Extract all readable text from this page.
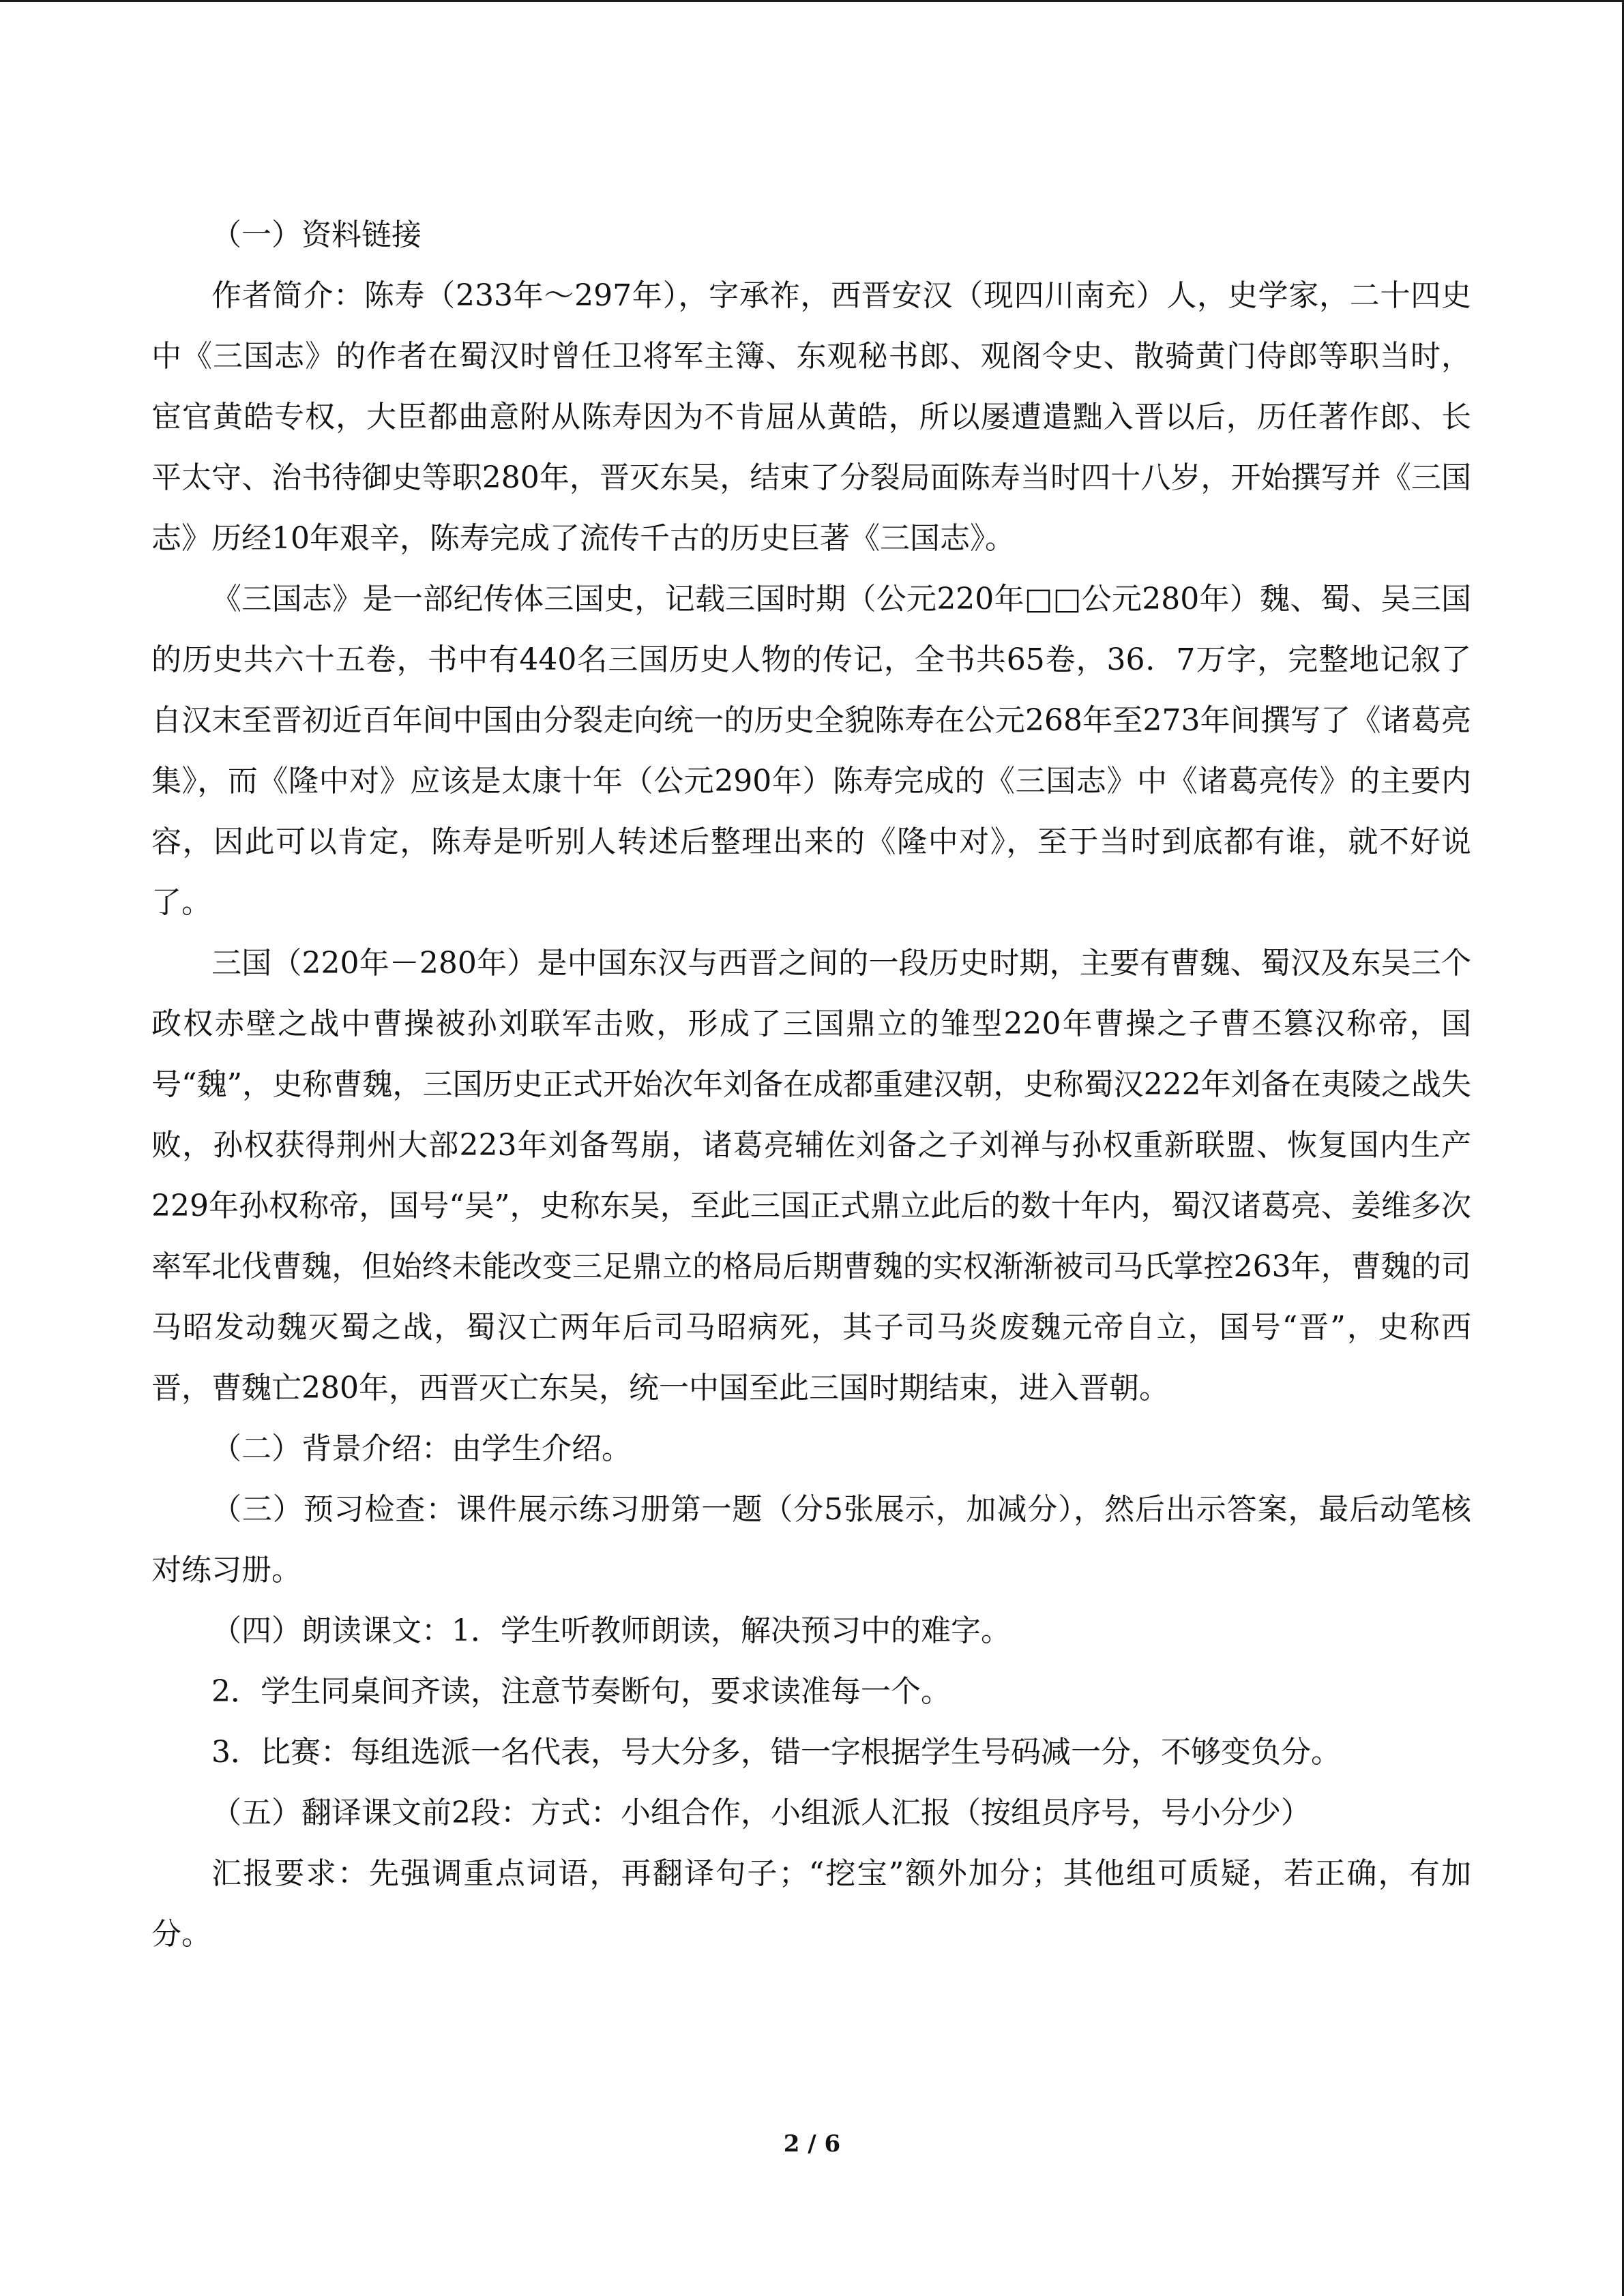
（一）资料链接

作者简介：陈寿（233年～297年），字承祚，西晋安汉（现四川南充）人，史学家，二十四史中《三国志》的作者在蜀汉时曾任卫将军主簿、东观秘书郎、观阁令史、散骑黄门侍郎等职当时，宦官黄皓专权，大臣都曲意附从陈寿因为不肯屈从黄皓，所以屡遭遣黜入晋以后，历任著作郎、长平太守、治书待御史等职280年，晋灭东吴，结束了分裂局面陈寿当时四十八岁，开始撰写并《三国志》历经10年艰辛，陈寿完成了流传千古的历史巨著《三国志》。

《三国志》是一部纪传体三国史，记载三国时期（公元220年□□公元280年）魏、蜀、吴三国的历史共六十五卷，书中有440名三国历史人物的传记，全书共65卷，36．7万字，完整地记叙了自汉末至晋初近百年间中国由分裂走向统一的历史全貌陈寿在公元268年至273年间撰写了《诸葛亮集》，而《隆中对》应该是太康十年（公元290年）陈寿完成的《三国志》中《诸葛亮传》的主要内容，因此可以肯定，陈寿是听别人转述后整理出来的《隆中对》，至于当时到底都有谁，就不好说了。

三国（220年－280年）是中国东汉与西晋之间的一段历史时期，主要有曹魏、蜀汉及东吴三个政权赤壁之战中曹操被孙刘联军击败，形成了三国鼎立的雏型220年曹操之子曹丕篡汉称帝，国号“魏”，史称曹魏，三国历史正式开始次年刘备在成都重建汉朝，史称蜀汉222年刘备在夷陵之战失败，孙权获得荆州大部223年刘备驾崩，诸葛亮辅佐刘备之子刘禅与孙权重新联盟、恢复国内生产229年孙权称帝，国号“吴”，史称东吴，至此三国正式鼎立此后的数十年内，蜀汉诸葛亮、姜维多次率军北伐曹魏，但始终未能改变三足鼎立的格局后期曹魏的实权渐渐被司马氏掌控263年，曹魏的司马昭发动魏灭蜀之战，蜀汉亡两年后司马昭病死，其子司马炎废魏元帝自立，国号“晋”，史称西晋，曹魏亡280年，西晋灭亡东吴，统一中国至此三国时期结束，进入晋朝。

（二）背景介绍：由学生介绍。

（三）预习检查：课件展示练习册第一题（分5张展示，加减分），然后出示答案，最后动笔核对练习册。

（四）朗读课文：1．学生听教师朗读，解决预习中的难字。

2．学生同桌间齐读，注意节奏断句，要求读准每一个。

3．比赛：每组选派一名代表，号大分多，错一字根据学生号码减一分，不够变负分。

（五）翻译课文前2段：方式：小组合作，小组派人汇报（按组员序号，号小分少）

汇报要求：先强调重点词语，再翻译句子；“挖宝”额外加分；其他组可质疑，若正确，有加分。

2 / 6
